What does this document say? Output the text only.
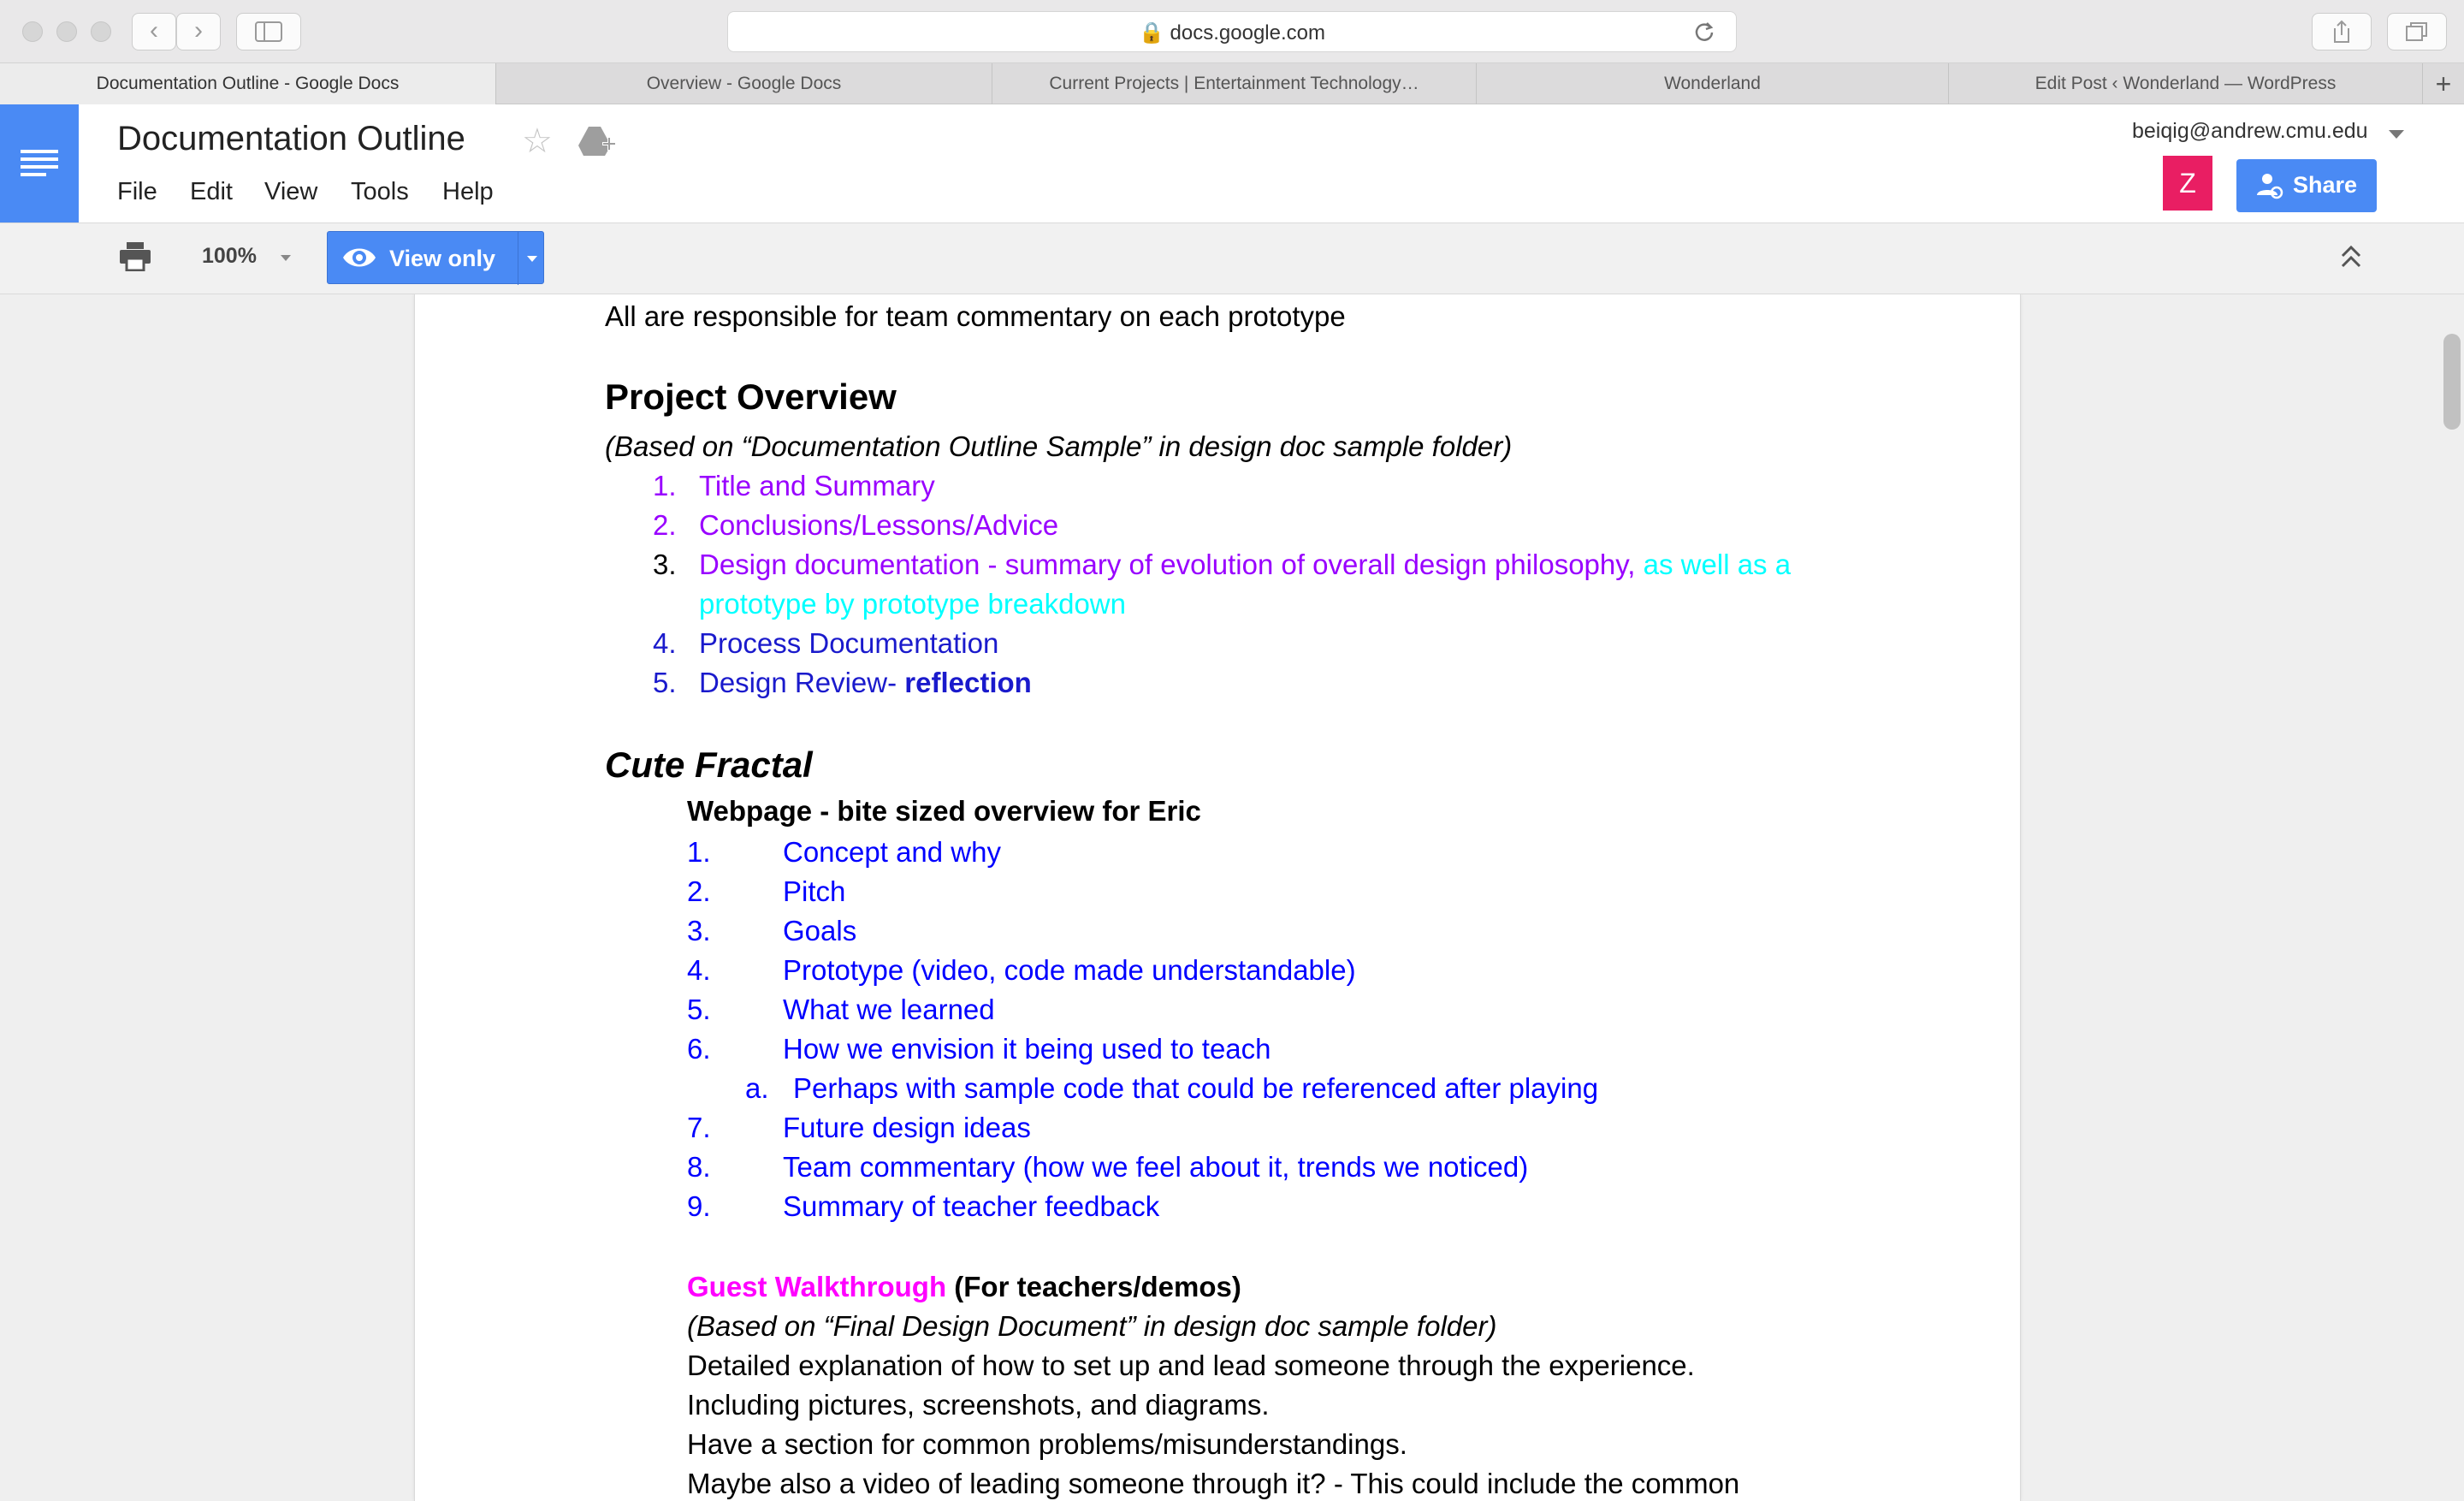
‹	›	🔒 docs.google.com
Documentation Outline - Google Docs	Overview - Google Docs	Current Projects | Entertainment Technology…	Wonderland	Edit Post ‹ Wonderland — WordPress	+
Documentation Outline ☆
File Edit View Tools Help
beiqig@andrew.cmu.edu
Z	Share
100%	View only
All are responsible for team commentary on each prototype
Project Overview
(Based on “Documentation Outline Sample” in design doc sample folder)
1. Title and Summary
2. Conclusions/Lessons/Advice
3. Design documentation - summary of evolution of overall design philosophy, as well as a
prototype by prototype breakdown
4. Process Documentation
5. Design Review- reflection
Cute Fractal
Webpage - bite sized overview for Eric
1.	Concept and why
2.	Pitch
3.	Goals
4.	Prototype (video, code made understandable)
5.	What we learned
6.	How we envision it being used to teach
a. Perhaps with sample code that could be referenced after playing
7.	Future design ideas
8.	Team commentary (how we feel about it, trends we noticed)
9.	Summary of teacher feedback
Guest Walkthrough (For teachers/demos)
(Based on “Final Design Document” in design doc sample folder)
Detailed explanation of how to set up and lead someone through the experience.
Including pictures, screenshots, and diagrams.
Have a section for common problems/misunderstandings.
Maybe also a video of leading someone through it? - This could include the common
